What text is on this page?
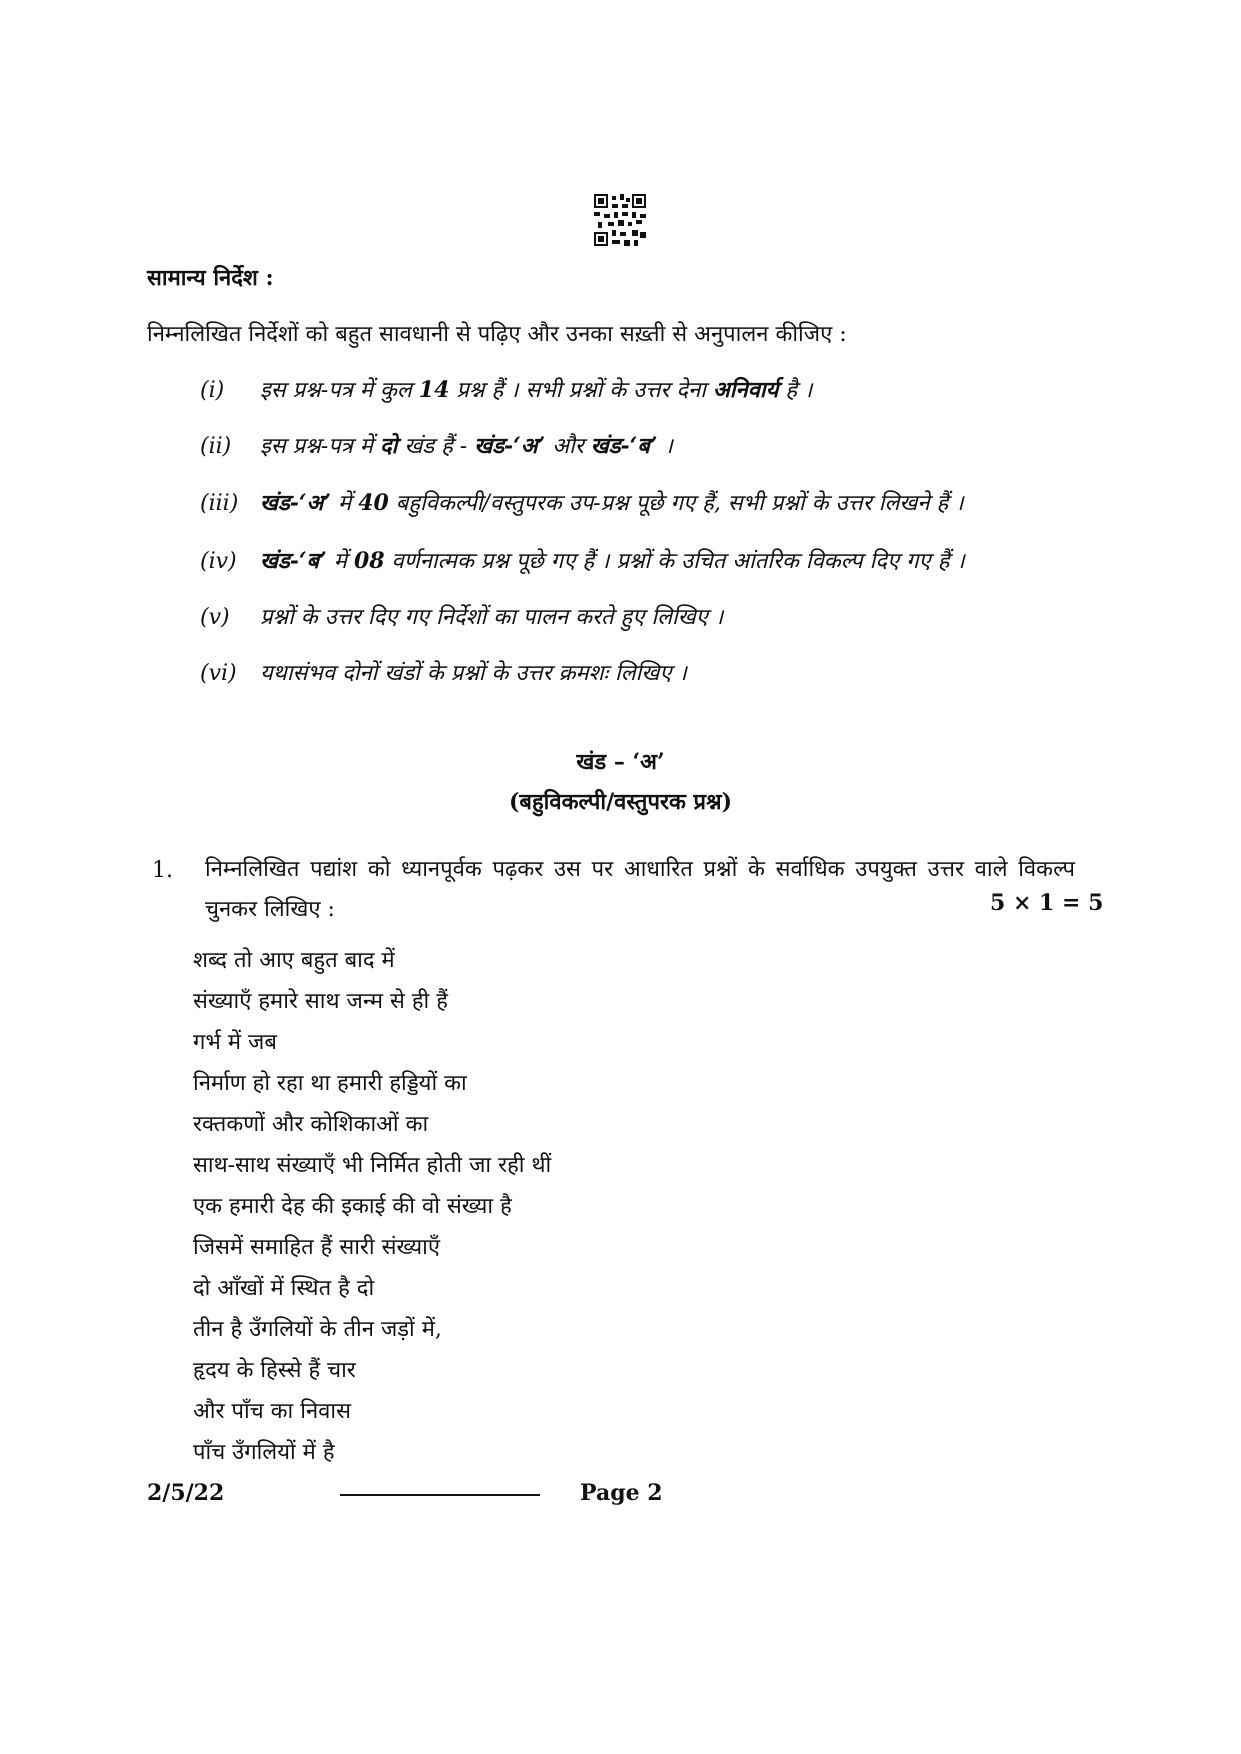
सामान्य निर्देश :
निम्नलिखित निर्देशों को बहुत सावधानी से पढ़िए और उनका सख़्ती से अनुपालन कीजिए :
(i) इस प्रश्न-पत्र में कुल 14 प्रश्न हैं । सभी प्रश्नों के उत्तर देना अनिवार्य है ।
(ii) इस प्रश्न-पत्र में दो खंड हैं - खंड-‘अ’ और खंड-‘ब’ ।
(iii) खंड-‘अ’ में 40 बहुविकल्पी/वस्तुपरक उप-प्रश्न पूछे गए हैं, सभी प्रश्नों के उत्तर लिखने हैं ।
(iv) खंड-‘ब’ में 08 वर्णनात्मक प्रश्न पूछे गए हैं । प्रश्नों के उचित आंतरिक विकल्प दिए गए हैं ।
(v) प्रश्नों के उत्तर दिए गए निर्देशों का पालन करते हुए लिखिए ।
(vi) यथासंभव दोनों खंडों के प्रश्नों के उत्तर क्रमशः लिखिए ।
खंड – ‘अ’
(बहुविकल्पी/वस्तुपरक प्रश्न)
1. निम्नलिखित पद्यांश को ध्यानपूर्वक पढ़कर उस पर आधारित प्रश्नों के सर्वाधिक उपयुक्त उत्तर वाले विकल्प चुनकर लिखिए :	5 × 1 = 5
शब्द तो आए बहुत बाद में
संख्याएँ हमारे साथ जन्म से ही हैं
गर्भ में जब
निर्माण हो रहा था हमारी हड्डियों का
रक्तकणों और कोशिकाओं का
साथ-साथ संख्याएँ भी निर्मित होती जा रही थीं
एक हमारी देह की इकाई की वो संख्या है
जिसमें समाहित हैं सारी संख्याएँ
दो आँखों में स्थित है दो
तीन है उँगलियों के तीन जड़ों में,
हृदय के हिस्से हैं चार
और पाँच का निवास
पाँच उँगलियों में है
2/5/22	Page 2
